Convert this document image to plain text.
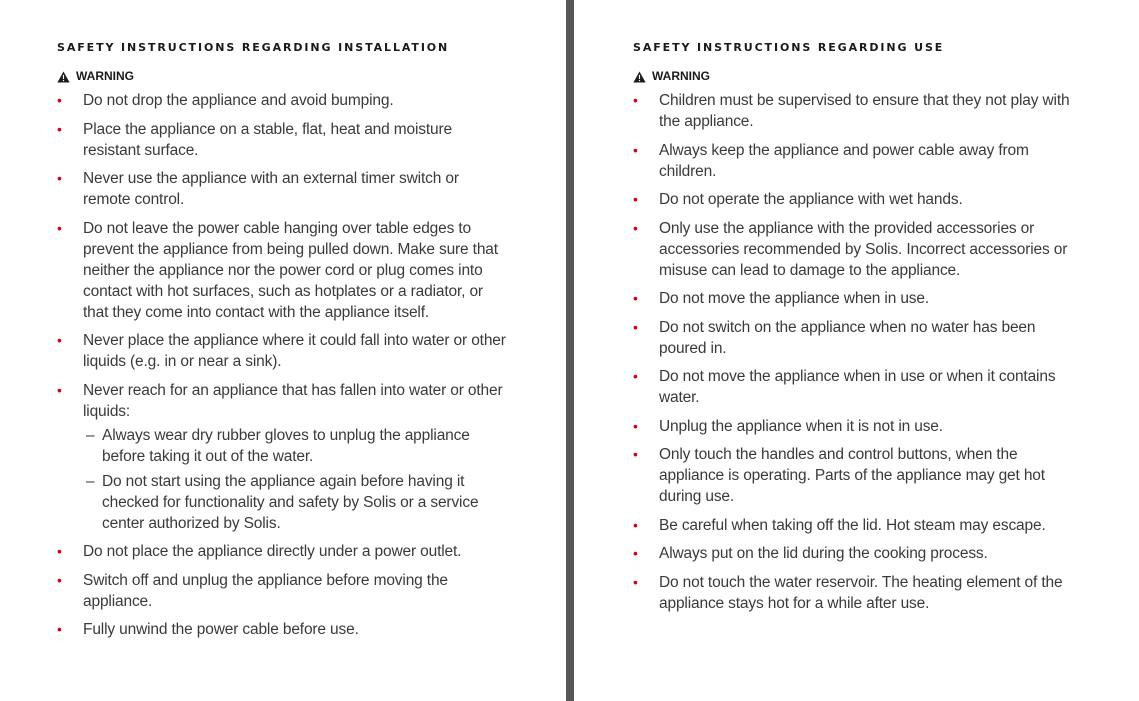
SAFETY INSTRUCTIONS REGARDING INSTALLATION
WARNING
• Do not drop the appliance and avoid bumping.
• Place the appliance on a stable, flat, heat and moisture resistant surface.
• Never use the appliance with an external timer switch or remote control.
• Do not leave the power cable hanging over table edges to prevent the appliance from being pulled down. Make sure that neither the appliance nor the power cord or plug comes into contact with hot surfaces, such as hotplates or a radiator, or that they come into contact with the appliance itself.
• Never place the appliance where it could fall into water or other liquids (e.g. in or near a sink).
• Never reach for an appliance that has fallen into water or other liquids:
– Always wear dry rubber gloves to unplug the appliance before taking it out of the water.
– Do not start using the appliance again before having it checked for functionality and safety by Solis or a service center authorized by Solis.
• Do not place the appliance directly under a power outlet.
• Switch off and unplug the appliance before moving the appliance.
• Fully unwind the power cable before use.
SAFETY INSTRUCTIONS REGARDING USE
WARNING
• Children must be supervised to ensure that they not play with the appliance.
• Always keep the appliance and power cable away from children.
• Do not operate the appliance with wet hands.
• Only use the appliance with the provided accessories or accessories recommended by Solis. Incorrect accessories or misuse can lead to damage to the appliance.
• Do not move the appliance when in use.
• Do not switch on the appliance when no water has been poured in.
• Do not move the appliance when in use or when it contains water.
• Unplug the appliance when it is not in use.
• Only touch the handles and control buttons, when the appliance is operating. Parts of the appliance may get hot during use.
• Be careful when taking off the lid. Hot steam may escape.
• Always put on the lid during the cooking process.
• Do not touch the water reservoir. The heating element of the appliance stays hot for a while after use.
